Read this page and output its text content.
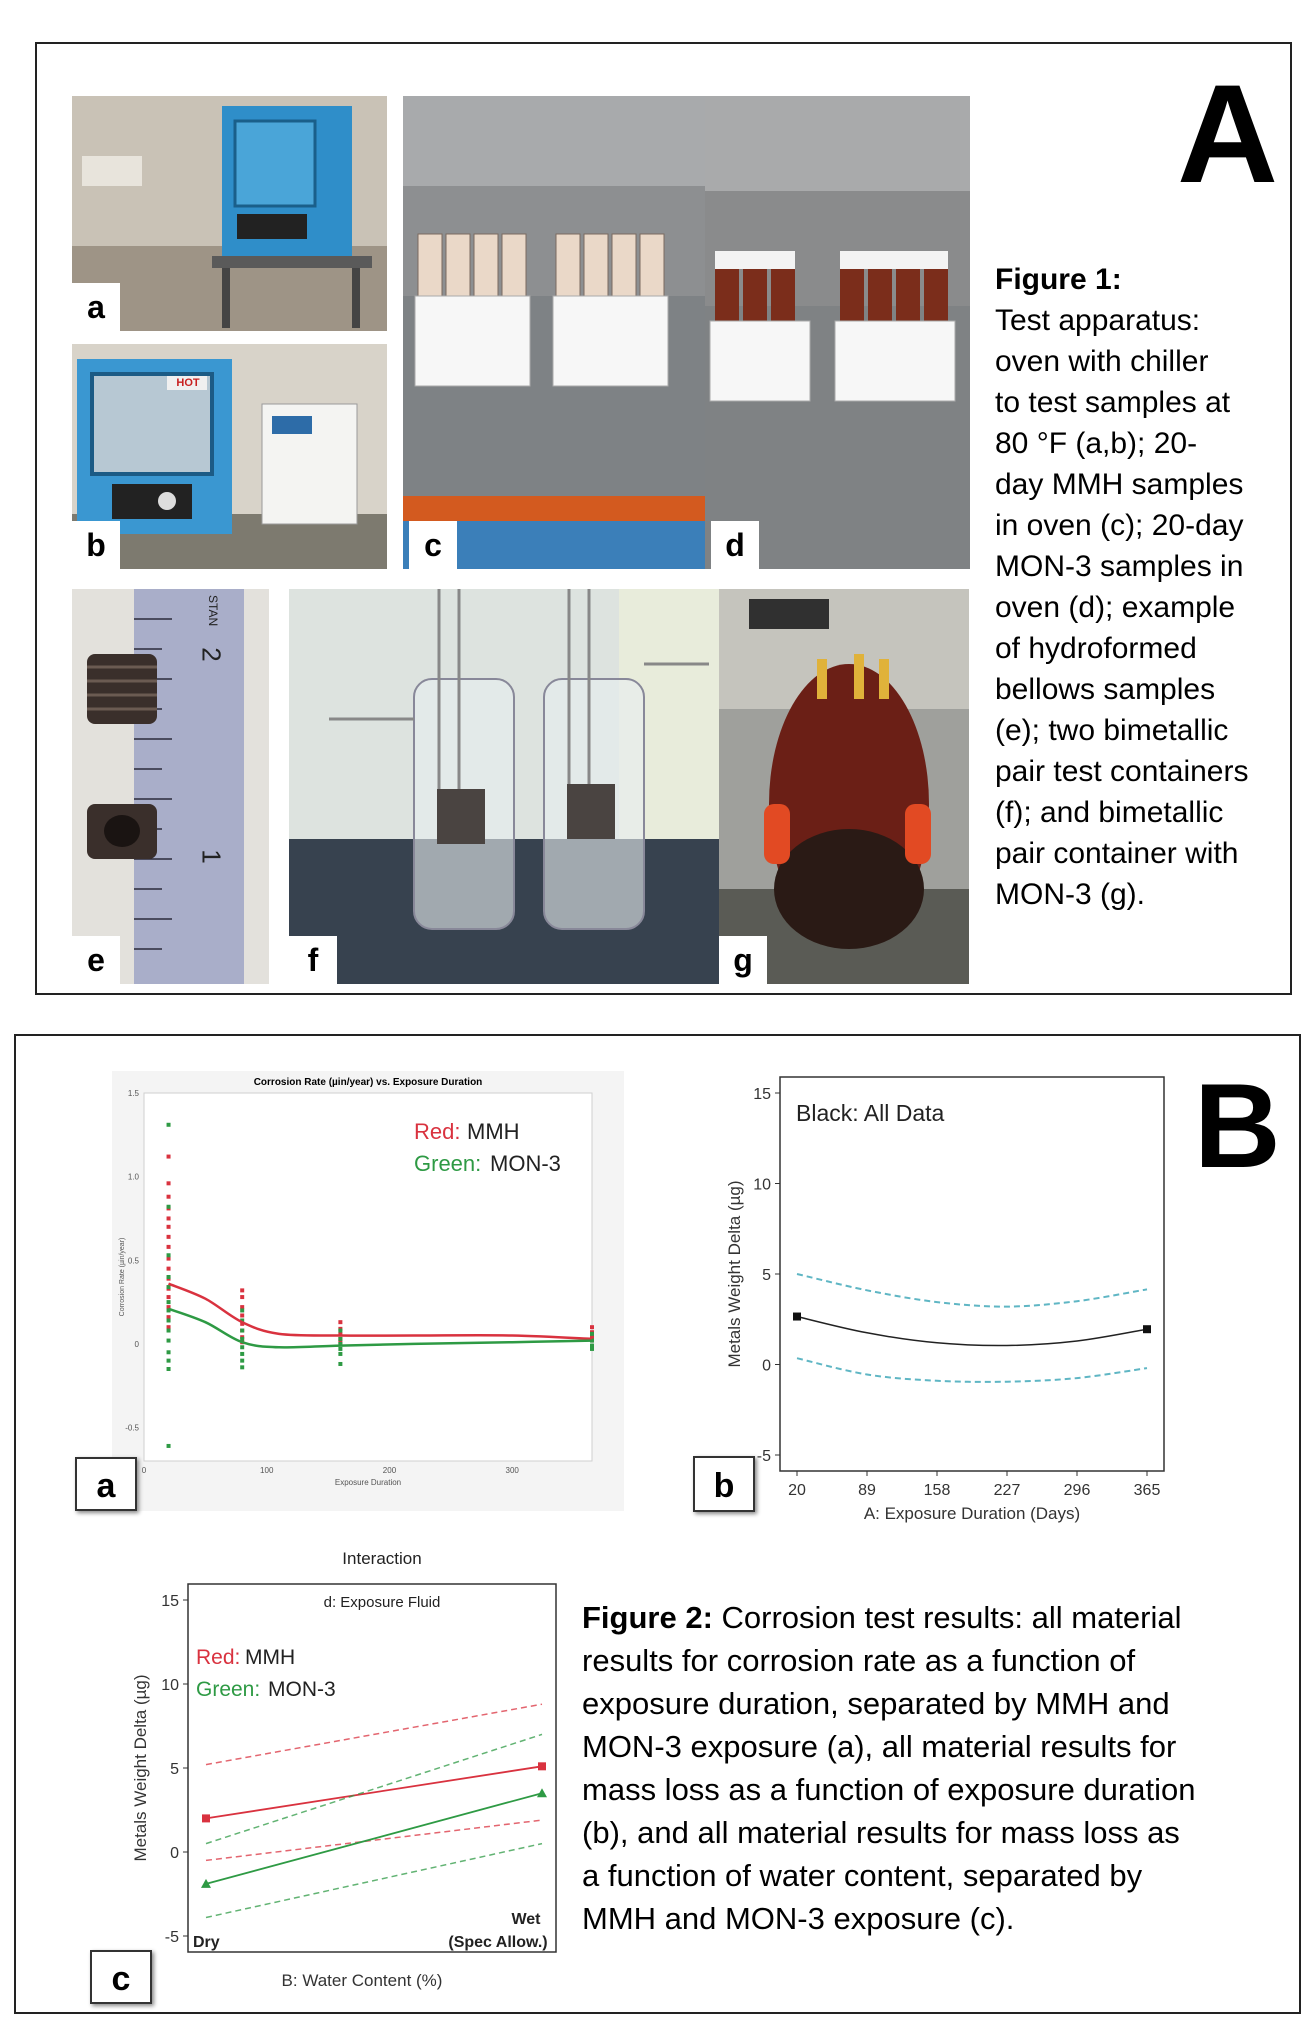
a
b
HOT
c	d
A
Figure 1:
Test apparatus:
oven with chiller
to test samples at
80 °F (a,b); 20-
day MMH samples
in oven (c); 20-day
MON-3 samples in
oven (d); example
of hydroformed
bellows samples
(e); two bimetallic
pair test containers
(f); and bimetallic
pair container with
MON-3 (g).
STAN
2
1
e	f	g
Corrosion Rate (µin/year) vs. Exposure Duration
1.5
1.0
0.5
0
-0.5
0	100	200	300
Exposure Duration
Corrosion Rate (µin/year)
Red: MMH
Green: MON-3
a
15
10
5
0
-5
20	89	158	227	296	365
A: Exposure Duration (Days)
Metals Weight Delta (µg)
Black: All Data
b
B
Interaction
d: Exposure Fluid
15
10
5
0
-5 Dry
Wet
(Spec Allow.)
B: Water Content (%)
Metals Weight Delta (µg)
Red: MMH
Green: MON-3
c
Figure 2: Corrosion test results: all material
results for corrosion rate as a function of
exposure duration, separated by MMH and
MON-3 exposure (a), all material results for
mass loss as a function of exposure duration
(b), and all material results for mass loss as
a function of water content, separated by
MMH and MON-3 exposure (c).
